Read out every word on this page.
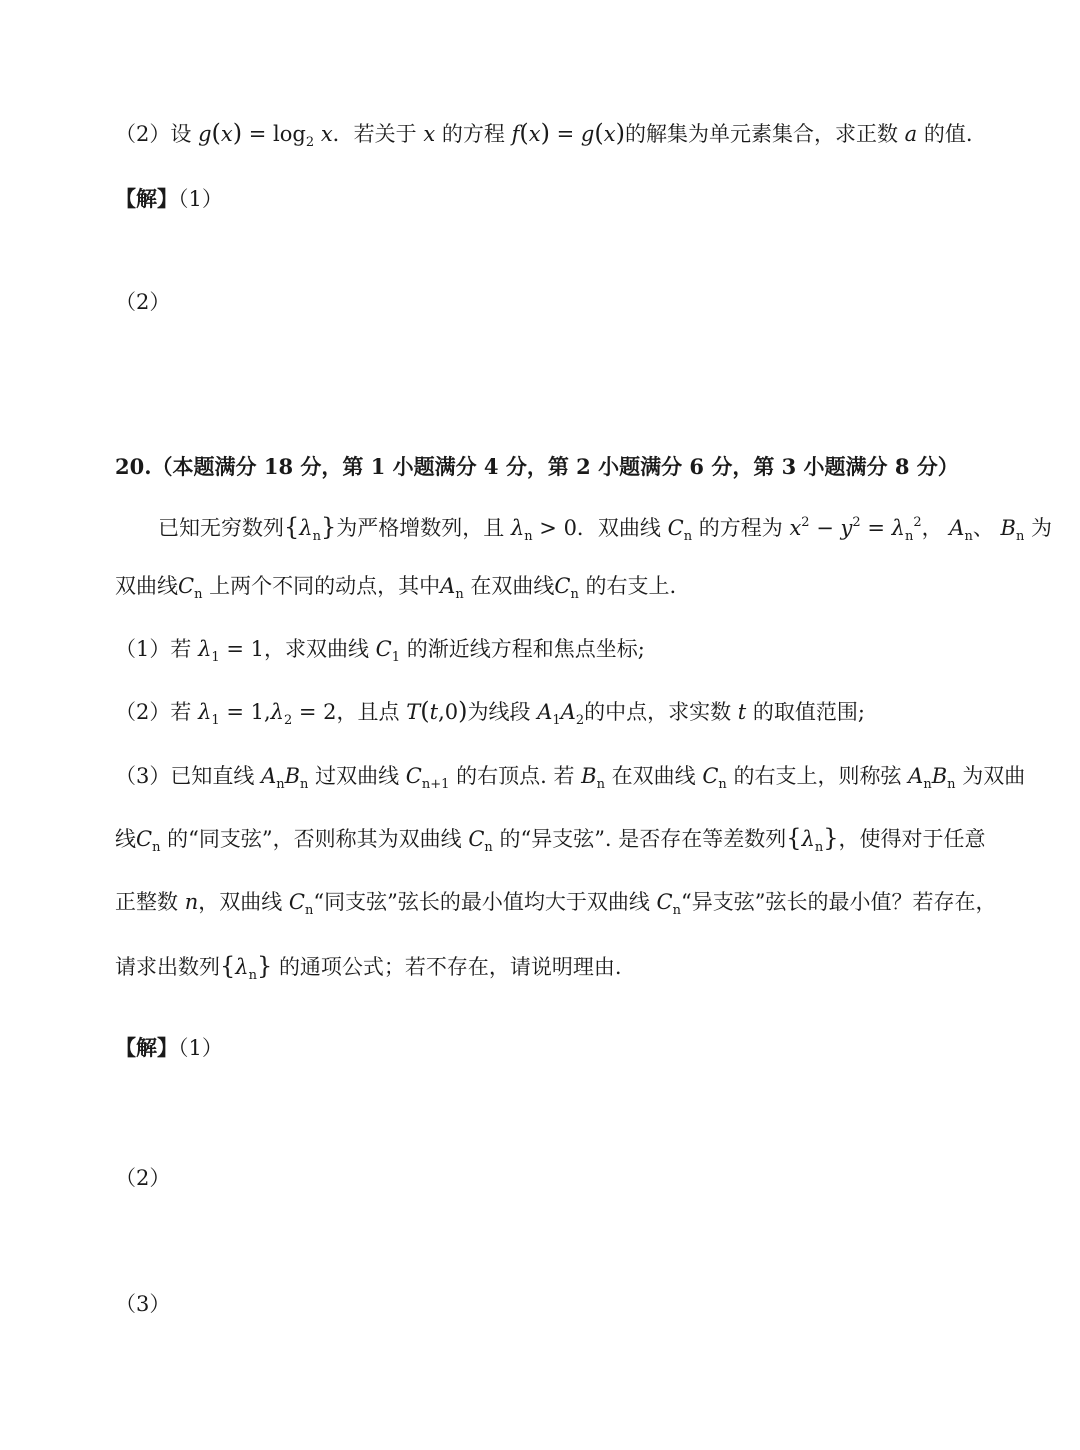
（2）设 $g(x) = \log_2 x$．若关于 x 的方程 f(x) = g(x)的解集为单元素集合，求正数 a 的值.
【解】（1）
（2）
20.（本题满分 18 分，第 1 小题满分 4 分，第 2 小题满分 6 分，第 3 小题满分 8 分）
已知无穷数列$\{\lambda_n\}$为严格增数列，且 $\lambda_n > 0$．双曲线 $C_n$ 的方程为 $x^2 - y^2 = \lambda_n^2$， $A_n$、 $B_n$ 为
双曲线$C_n$ 上两个不同的动点，其中$A_n$ 在双曲线$C_n$ 的右支上.
（1）若 $\lambda_1 = 1$，求双曲线 $C_1$ 的渐近线方程和焦点坐标;
（2）若 $\lambda_1 = 1,\lambda_2 = 2$，且点 T(t,0)为线段 $A_1A_2$的中点，求实数 t 的取值范围;
（3）已知直线 $A_nB_n$ 过双曲线 $C_{n+1}$ 的右顶点. 若 $B_n$ 在双曲线 $C_n$ 的右支上，则称弦 $A_nB_n$ 为双曲
线$C_n$ 的“同支弦”，否则称其为双曲线 $C_n$ 的“异支弦”. 是否存在等差数列$\{\lambda_n\}$，使得对于任意
正整数 n，双曲线 $C_n“$同支弦”弦长的最小值均大于双曲线 $C_n“$异支弦”弦长的最小值？若存在，
请求出数列$\{\lambda_n\}$ 的通项公式；若不存在，请说明理由.
【解】（1）
（2）
（3）
